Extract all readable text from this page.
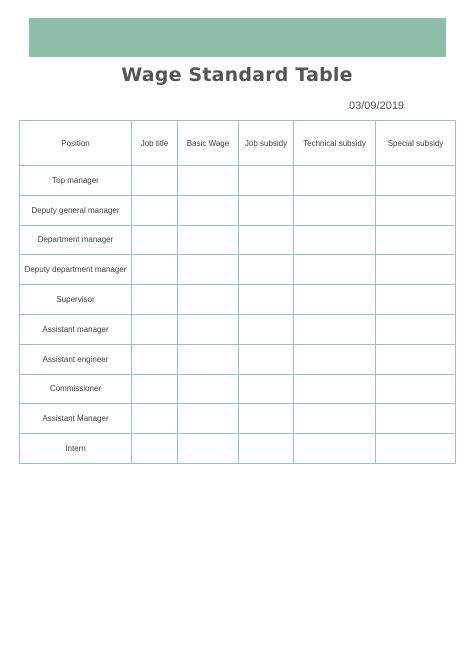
Wage Standard Table
03/09/2019
Position	Job title	Basic Wage	Job subsidy	Technical subsidy	Special subsidy
Top manager					
Deputy general manager					
Department manager					
Deputy department manager					
Supervisor					
Assistant manager					
Assistant engineer					
Commissioner					
Assistant Manager					
Intern					
